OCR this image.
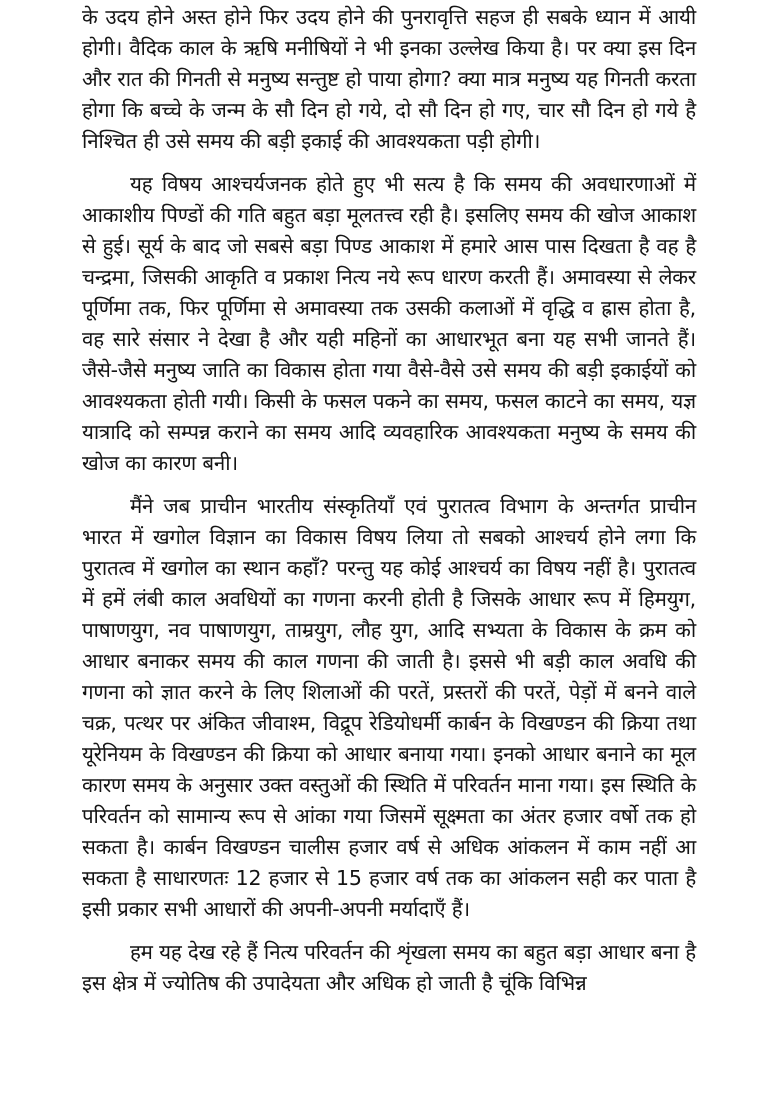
के उदय होने अस्त होने फिर उदय होने की पुनरावृत्ति सहज ही सबके ध्यान में आयी होगी। वैदिक काल के ऋषि मनीषियों ने भी इनका उल्लेख किया है। पर क्या इस दिन और रात की गिनती से मनुष्य सन्तुष्ट हो पाया होगा? क्या मात्र मनुष्य यह गिनती करता होगा कि बच्चे के जन्म के सौ दिन हो गये, दो सौ दिन हो गए, चार सौ दिन हो गये है निश्चित ही उसे समय की बड़ी इकाई की आवश्यकता पड़ी होगी।

यह विषय आश्चर्यजनक होते हुए भी सत्य है कि समय की अवधारणाओं में आकाशीय पिण्डों की गति बहुत बड़ा मूलतत्त्व रही है। इसलिए समय की खोज आकाश से हुई। सूर्य के बाद जो सबसे बड़ा पिण्ड आकाश में हमारे आस पास दिखता है वह है चन्द्रमा, जिसकी आकृति व प्रकाश नित्य नये रूप धारण करती हैं। अमावस्या से लेकर पूर्णिमा तक, फिर पूर्णिमा से अमावस्या तक उसकी कलाओं में वृद्धि व ह्रास होता है, वह सारे संसार ने देखा है और यही महिनों का आधारभूत बना यह सभी जानते हैं। जैसे-जैसे मनुष्य जाति का विकास होता गया वैसे-वैसे उसे समय की बड़ी इकाईयों को आवश्यकता होती गयी। किसी के फसल पकने का समय, फसल काटने का समय, यज्ञ यात्रादि को सम्पन्न कराने का समय आदि व्यवहारिक आवश्यकता मनुष्य के समय की खोज का कारण बनी।

मैंने जब प्राचीन भारतीय संस्कृतियाँ एवं पुरातत्व विभाग के अन्तर्गत प्राचीन भारत में खगोल विज्ञान का विकास विषय लिया तो सबको आश्चर्य होने लगा कि पुरातत्व में खगोल का स्थान कहाँ? परन्तु यह कोई आश्चर्य का विषय नहीं है। पुरातत्व में हमें लंबी काल अवधियों का गणना करनी होती है जिसके आधार रूप में हिमयुग, पाषाणयुग, नव पाषाणयुग, ताम्रयुग, लौह युग, आदि सभ्यता के विकास के क्रम को आधार बनाकर समय की काल गणना की जाती है। इससे भी बड़ी काल अवधि की गणना को ज्ञात करने के लिए शिलाओं की परतें, प्रस्तरों की परतें, पेड़ों में बनने वाले चक्र, पत्थर पर अंकित जीवाश्म, विद्रूप रेडियोधर्मी कार्बन के विखण्डन की क्रिया तथा यूरेनियम के विखण्डन की क्रिया को आधार बनाया गया। इनको आधार बनाने का मूल कारण समय के अनुसार उक्त वस्तुओं की स्थिति में परिवर्तन माना गया। इस स्थिति के परिवर्तन को सामान्य रूप से आंका गया जिसमें सूक्ष्मता का अंतर हजार वर्षो तक हो सकता है। कार्बन विखण्डन चालीस हजार वर्ष से अधिक आंकलन में काम नहीं आ सकता है साधारणतः 12 हजार से 15 हजार वर्ष तक का आंकलन सही कर पाता है इसी प्रकार सभी आधारों की अपनी-अपनी मर्यादाएँ हैं।

हम यह देख रहे हैं नित्य परिवर्तन की शृंखला समय का बहुत बड़ा आधार बना है इस क्षेत्र में ज्योतिष की उपादेयता और अधिक हो जाती है चूंकि विभिन्न
